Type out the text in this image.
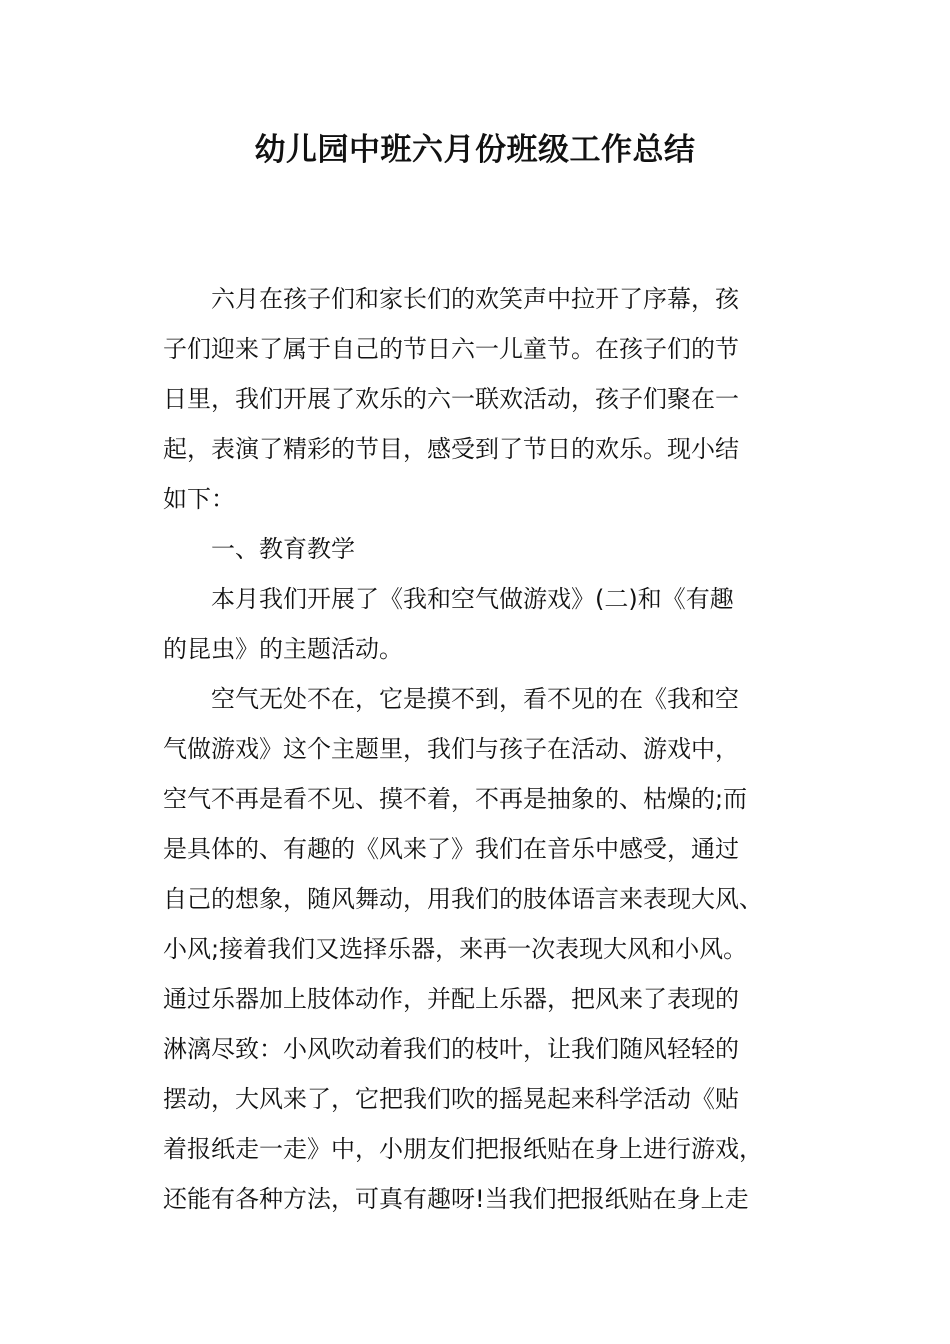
幼儿园中班六月份班级工作总结
　　六月在孩子们和家长们的欢笑声中拉开了序幕，孩
子们迎来了属于自己的节日六一儿童节。在孩子们的节
日里，我们开展了欢乐的六一联欢活动，孩子们聚在一
起，表演了精彩的节目，感受到了节日的欢乐。现小结
如下：
　　一、教育教学
　　本月我们开展了《我和空气做游戏》(二)和《有趣
的昆虫》的主题活动。
　　空气无处不在，它是摸不到，看不见的在《我和空
气做游戏》这个主题里，我们与孩子在活动、游戏中，
空气不再是看不见、摸不着，不再是抽象的、枯燥的;而
是具体的、有趣的《风来了》我们在音乐中感受，通过
自己的想象，随风舞动，用我们的肢体语言来表现大风、
小风;接着我们又选择乐器，来再一次表现大风和小风。
通过乐器加上肢体动作，并配上乐器，把风来了表现的
淋漓尽致：小风吹动着我们的枝叶，让我们随风轻轻的
摆动，大风来了，它把我们吹的摇晃起来科学活动《贴
着报纸走一走》中，小朋友们把报纸贴在身上进行游戏，
还能有各种方法，可真有趣呀!当我们把报纸贴在身上走
